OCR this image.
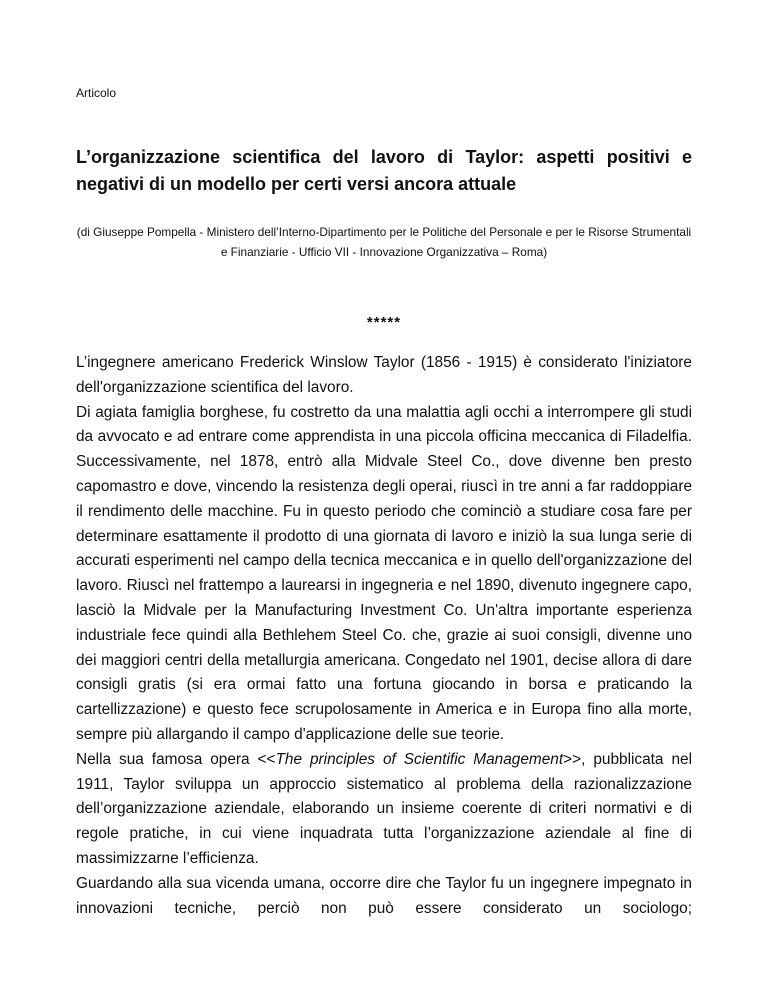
Articolo
L’organizzazione scientifica del lavoro di Taylor: aspetti positivi e negativi di un modello per certi versi ancora attuale

(di Giuseppe Pompella - Ministero dell’Interno-Dipartimento per le Politiche del Personale e per le Risorse Strumentali e Finanziarie - Ufficio VII - Innovazione Organizzativa – Roma)

*****

L’ingegnere americano Frederick Winslow Taylor (1856 - 1915) è considerato l'iniziatore dell'organizzazione scientifica del lavoro.

Di agiata famiglia borghese, fu costretto da una malattia agli occhi a interrompere gli studi da avvocato e ad entrare come apprendista in una piccola officina meccanica di Filadelfia. Successivamente, nel 1878, entrò alla Midvale Steel Co., dove divenne ben presto capomastro e dove, vincendo la resistenza degli operai, riuscì in tre anni a far raddoppiare il rendimento delle macchine. Fu in questo periodo che cominciò a studiare cosa fare per determinare esattamente il prodotto di una giornata di lavoro e iniziò la sua lunga serie di accurati esperimenti nel campo della tecnica meccanica e in quello dell'organizzazione del lavoro. Riuscì nel frattempo a laurearsi in ingegneria e nel 1890, divenuto ingegnere capo, lasciò la Midvale per la Manufacturing Investment Co. Un'altra importante esperienza industriale fece quindi alla Bethlehem Steel Co. che, grazie ai suoi consigli, divenne uno dei maggiori centri della metallurgia americana. Congedato nel 1901, decise allora di dare consigli gratis (si era ormai fatto una fortuna giocando in borsa e praticando la cartellizzazione) e questo fece scrupolosamente in America e in Europa fino alla morte, sempre più allargando il campo d'applicazione delle sue teorie.

Nella sua famosa opera <<The principles of Scientific Management>>, pubblicata nel 1911, Taylor sviluppa un approccio sistematico al problema della razionalizzazione dell’organizzazione aziendale, elaborando un insieme coerente di criteri normativi e di regole pratiche, in cui viene inquadrata tutta l’organizzazione aziendale al fine di massimizzarne l’efficienza.

Guardando alla sua vicenda umana, occorre dire che Taylor fu un ingegnere impegnato in innovazioni tecniche, perciò non può essere considerato un sociologo;
